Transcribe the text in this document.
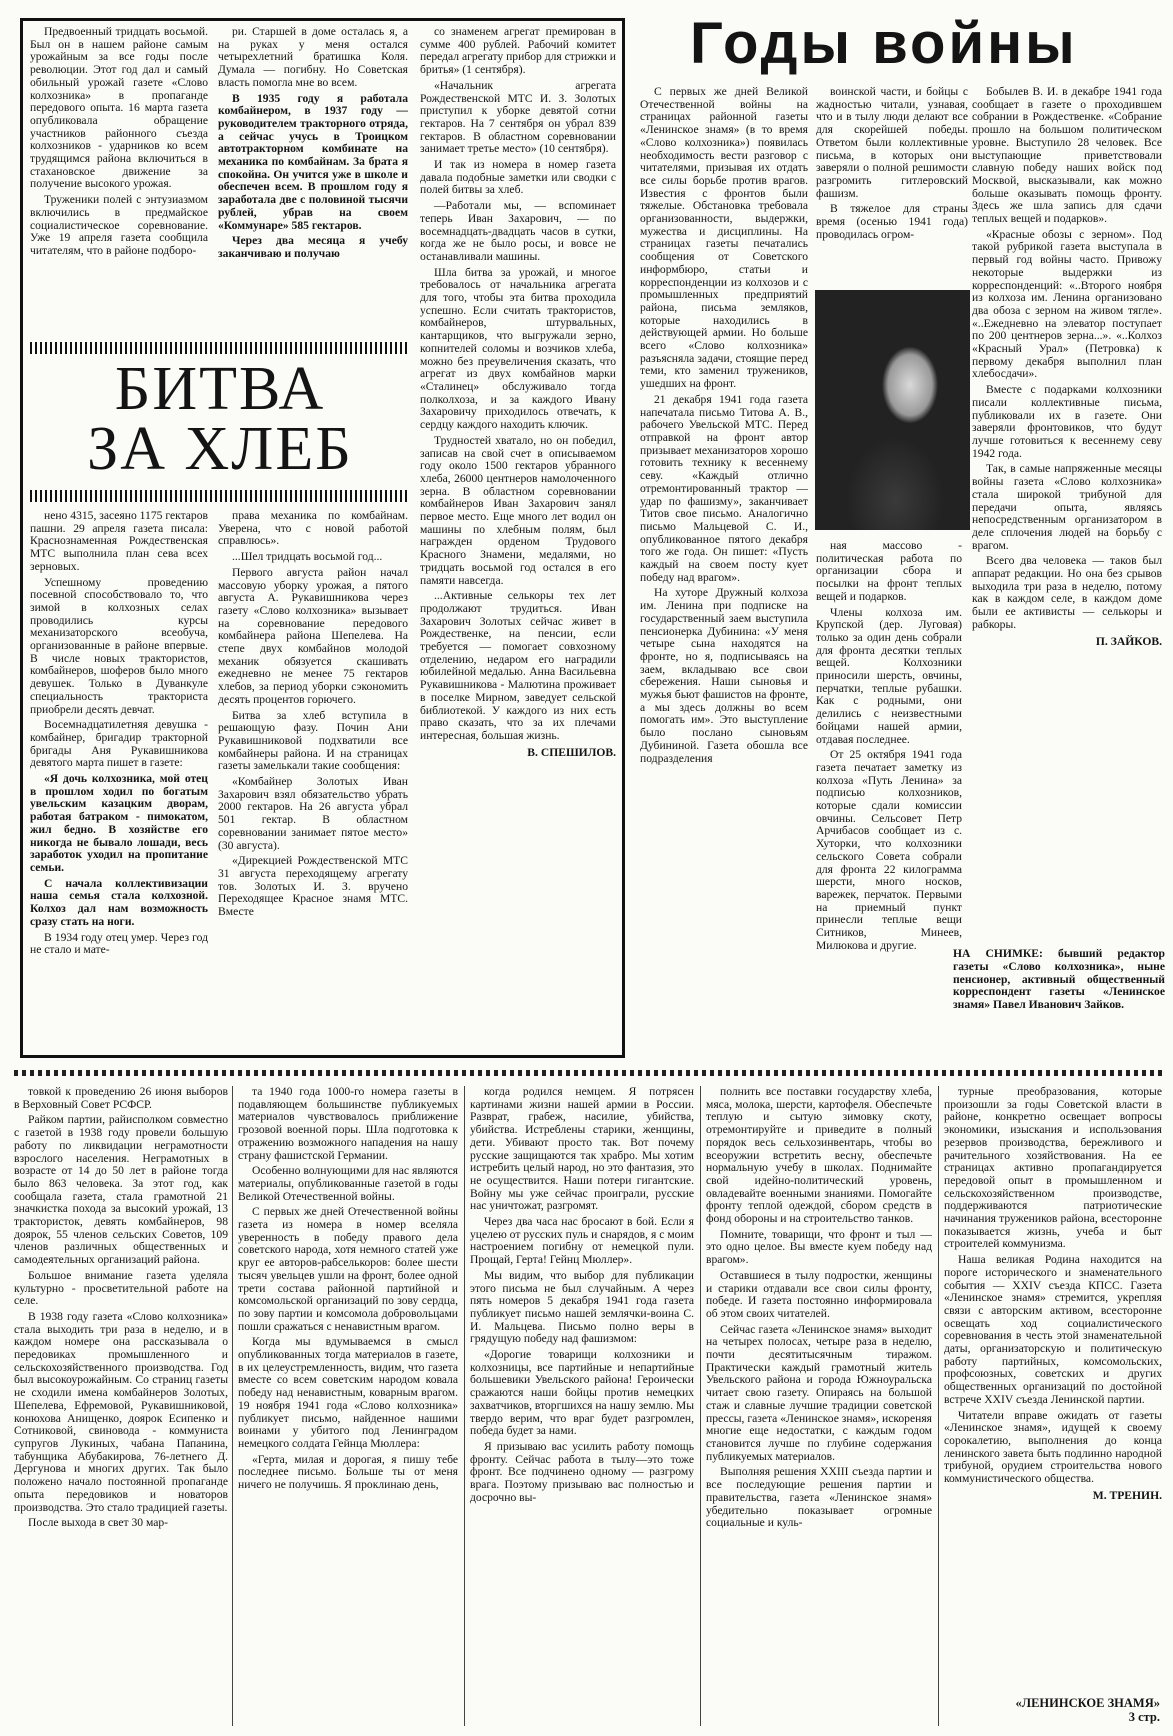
Предвоенный тридцать восьмой. Был он в нашем районе самым урожайным за все годы после революции. Этот год дал и самый обильный урожай газете «Слово колхозника» в пропаганде передового опыта. 16 марта газета опубликовала обращение участников районного съезда колхозников - ударников ко всем трудящимся района включиться в стахановское движение за получение высокого урожая.

Труженики полей с энтузиазмом включились в предмайское социалистическое соревнование. Уже 19 апреля газета сообщила читателям, что в районе подборо-

ри. Старшей в доме осталась я, а на руках у меня остался четырехлетний братишка Коля. Думала — погибну. Но Советская власть помогла мне во всем.

В 1935 году я работала комбайнером, в 1937 году — руководителем тракторного отряда, а сейчас учусь в Троицком автотракторном комбинате на механика по комбайнам. За брата я спокойна. Он учится уже в школе и обеспечен всем. В прошлом году я заработала две с половиной тысячи рублей, убрав на своем «Коммунаре» 585 гектаров.

Через два месяца я учебу заканчиваю и получаю

БИТВА
ЗА ХЛЕБ

нено 4315, засеяно 1175 гектаров пашни. 29 апреля газета писала: Краснознаменная Рождественская МТС выполнила план сева всех зерновых.

Успешному проведению посевной способствовало то, что зимой в колхозных селах проводились курсы механизаторского всеобуча, организованные в районе впервые. В числе новых трактористов, комбайнеров, шоферов было много девушек. Только в Дуванкуле специальность тракториста приобрели десять девчат.

Восемнадцатилетняя девушка - комбайнер, бригадир тракторной бригады Аня Рукавишникова девятого марта пишет в газете:

«Я дочь колхозника, мой отец в прошлом ходил по богатым увельским казацким дворам, работая батраком - пимокатом, жил бедно. В хозяйстве его никогда не бывало лошади, весь заработок уходил на пропитание семьи.

С начала коллективизации наша семья стала колхозной. Колхоз дал нам возможность сразу стать на ноги.

В 1934 году отец умер. Через год не стало и мате-

права механика по комбайнам. Уверена, что с новой работой справлюсь».

...Шел тридцать восьмой год...

Первого августа район начал массовую уборку урожая, а пятого августа А. Рукавишникова через газету «Слово колхозника» вызывает на соревнование передового комбайнера района Шепелева. На степе двух комбайнов молодой механик обязуется скашивать ежедневно не менее 75 гектаров хлебов, за период уборки сэкономить десять процентов горючего.

Битва за хлеб вступила в решающую фазу. Почин Ани Рукавишниковой подхватили все комбайнеры района. И на страницах газеты замелькали такие сообщения:

«Комбайнер Золотых Иван Захарович взял обязательство убрать 2000 гектаров. На 26 августа убрал 501 гектар. В областном соревновании занимает пятое место» (30 августа).

«Дирекцией Рождественской МТС 31 августа переходящему агрегату тов. Золотых И. З. вручено Переходящее Красное знамя МТС. Вместе

со знаменем агрегат премирован в сумме 400 рублей. Рабочий комитет передал агрегату прибор для стрижки и бритья» (1 сентября).

«Начальник агрегата Рождественской МТС И. З. Золотых приступил к уборке девятой сотни гектаров. На 7 сентября он убрал 839 гектаров. В областном соревновании занимает третье место» (10 сентября).

И так из номера в номер газета давала подобные заметки или сводки с полей битвы за хлеб.

—Работали мы, — вспоминает теперь Иван Захарович, — по восемнадцать-двадцать часов в сутки, когда же не было росы, и вовсе не останавливали машины.

Шла битва за урожай, и многое требовалось от начальника агрегата для того, чтобы эта битва проходила успешно. Если считать трактористов, комбайнеров, штурвальных, кантарщиков, что выгружали зерно, копнителей соломы и возчиков хлеба, можно без преувеличения сказать, что агрегат из двух комбайнов марки «Сталинец» обслуживало тогда полколхоза, и за каждого Ивану Захаровичу приходилось отвечать, к сердцу каждого находить ключик.

Трудностей хватало, но он победил, записав на свой счет в описываемом году около 1500 гектаров убранного хлеба, 26000 центнеров намолоченного зерна. В областном соревновании комбайнеров Иван Захарович занял первое место. Еще много лет водил он машины по хлебным полям, был награжден орденом Трудового Красного Знамени, медалями, но тридцать восьмой год остался в его памяти навсегда.

...Активные селькоры тех лет продолжают трудиться. Иван Захарович Золотых сейчас живет в Рождественке, на пенсии, если требуется — помогает совхозному отделению, недаром его наградили юбилейной медалью. Анна Васильевна Рукавишникова - Малютина проживает в поселке Мирном, заведует сельской библиотекой. У каждого из них есть право сказать, что за их плечами интересная, большая жизнь.

В. СПЕШИЛОВ.

Годы войны

С первых же дней Великой Отечественной войны на страницах районной газеты «Ленинское знамя» (в то время «Слово колхозника») появилась необходимость вести разговор с читателями, призывая их отдать все силы борьбе против врагов. Известия с фронтов были тяжелые. Обстановка требовала организованности, выдержки, мужества и дисциплины. На страницах газеты печатались сообщения от Советского информбюро, статьи и корреспонденции из колхозов и с промышленных предприятий района, письма земляков, которые находились в действующей армии. Но больше всего «Слово колхозника» разъясняла задачи, стоящие перед теми, кто заменил тружеников, ушедших на фронт.

21 декабря 1941 года газета напечатала письмо Титова А. В., рабочего Увельской МТС. Перед отправкой на фронт автор призывает механизаторов хорошо готовить технику к весеннему севу. «Каждый отлично отремонтированный трактор — удар по фашизму», заканчивает Титов свое письмо. Аналогично письмо Мальцевой С. И., опубликованное пятого декабря того же года. Он пишет: «Пусть каждый на своем посту кует победу над врагом».

На хуторе Дружный колхоза им. Ленина при подписке на государственный заем выступила пенсионерка Дубинина: «У меня четыре сына находятся на фронте, но я, подписываясь на заем, вкладываю все свои сбережения. Наши сыновья и мужья бьют фашистов на фронте, а мы здесь должны во всем помогать им». Это выступление было послано сыновьям Дубининой. Газета обошла все подразделения

воинской части, и бойцы с жадностью читали, узнавая, что и в тылу люди делают все для скорейшей победы. Ответом были коллективные письма, в которых они заверяли о полной решимости разгромить гитлеровский фашизм.

В тяжелое для страны время (осенью 1941 года) проводилась огром-

ная массово - политическая работа по организации сбора и посылки на фронт теплых вещей и подарков.

Члены колхоза им. Крупской (дер. Луговая) только за один день собрали для фронта десятки теплых вещей. Колхозники приносили шерсть, овчины, перчатки, теплые рубашки. Как с родными, они делились с неизвестными бойцами нашей армии, отдавая последнее.

От 25 октября 1941 года газета печатает заметку из колхоза «Путь Ленина» за подписью колхозников, которые сдали комиссии овчины. Сельсовет Петр Арчибасов сообщает из с. Хуторки, что колхозники сельского Совета собрали для фронта 22 килограмма шерсти, много носков, варежек, перчаток. Первыми на приемный пункт принесли теплые вещи Ситников, Минеев, Милюкова и другие.

Бобылев В. И. в декабре 1941 года сообщает в газете о проходившем собрании в Рождественке. «Собрание прошло на большом политическом уровне. Выступило 28 человек. Все выступающие приветствовали славную победу наших войск под Москвой, высказывали, как можно больше оказывать помощь фронту. Здесь же шла запись для сдачи теплых вещей и подарков».

«Красные обозы с зерном». Под такой рубрикой газета выступала в первый год войны часто. Привожу некоторые выдержки из корреспонденций: «..Второго ноября из колхоза им. Ленина организовано два обоза с зерном на живом тягле». «..Ежедневно на элеватор поступает по 200 центнеров зерна...». «..Колхоз «Красный Урал» (Петровка) к первому декабря выполнил план хлебосдачи».

Вместе с подарками колхозники писали коллективные письма, публиковали их в газете. Они заверяли фронтовиков, что будут лучше готовиться к весеннему севу 1942 года.

Так, в самые напряженные месяцы войны газета «Слово колхозника» стала широкой трибуной для передачи опыта, являясь непосредственным организатором в деле сплочения людей на борьбу с врагом.

Всего два человека — таков был аппарат редакции. Но она без срывов выходила три раза в неделю, потому как в каждом селе, в каждом доме были ее активисты — селькоры и рабкоры.

П. ЗАЙКОВ.

НА СНИМКЕ: бывший редактор газеты «Слово колхозника», ныне пенсионер, активный общественный корреспондент газеты «Ленинское знамя» Павел Иванович Зайков.

товкой к проведению 26 июня выборов в Верховный Совет РСФСР.

Райком партии, райисполком совместно с газетой в 1938 году провели большую работу по ликвидации неграмотности взрослого населения. Неграмотных в возрасте от 14 до 50 лет в районе тогда было 863 человека. За этот год, как сообщала газета, стала грамотной 21 значкистка похода за высокий урожай, 13 трактористок, девять комбайнеров, 98 доярок, 55 членов сельских Советов, 109 членов различных общественных и самодеятельных организаций района.

Большое внимание газета уделяла культурно - просветительной работе на селе.

В 1938 году газета «Слово колхозника» стала выходить три раза в неделю, и в каждом номере она рассказывала о передовиках промышленного и сельскохозяйственного производства. Год был высокоурожайным. Со страниц газеты не сходили имена комбайнеров Золотых, Шепелева, Ефремовой, Рукавишниковой, конюхова Анищенко, доярок Есипенко и Сотниковой, свиновода - коммуниста супругов Лукиных, чабана Папанина, табунщика Абубакирова, 76-летнего Д. Дергунова и многих других. Так было положено начало постоянной пропаганде опыта передовиков и новаторов производства. Это стало традицией газеты.

После выхода в свет 30 мар-

та 1940 года 1000-го номера газеты в подавляющем большинстве публикуемых материалов чувствовалось приближение грозовой военной поры. Шла подготовка к отражению возможного нападения на нашу страну фашистской Германии.

Особенно волнующими для нас являются материалы, опубликованные газетой в годы Великой Отечественной войны.

С первых же дней Отечественной войны газета из номера в номер вселяла уверенность в победу правого дела советского народа, хотя немного статей уже круг ее авторов-рабселькоров: более шести тысяч увельцев ушли на фронт, более одной трети состава районной партийной и комсомольской организаций по зову сердца, по зову партии и комсомола добровольцами пошли сражаться с ненавистным врагом.

Когда мы вдумываемся в смысл опубликованных тогда материалов в газете, в их целеустремленность, видим, что газета вместе со всем советским народом ковала победу над ненавистным, коварным врагом. 19 ноября 1941 года «Слово колхозника» публикует письмо, найденное нашими воинами у убитого под Ленинградом немецкого солдата Гейнца Мюллера:

«Герта, милая и дорогая, я пишу тебе последнее письмо. Больше ты от меня ничего не получишь. Я проклинаю день,

когда родился немцем. Я потрясен картинами жизни нашей армии в России. Разврат, грабеж, насилие, убийства, убийства. Истреблены старики, женщины, дети. Убивают просто так. Вот почему русские защищаются так храбро. Мы хотим истребить целый народ, но это фантазия, это не осуществится. Наши потери гигантские. Войну мы уже сейчас проиграли, русские нас уничтожат, разгромят.

Через два часа нас бросают в бой. Если я уцелею от русских пуль и снарядов, я с моим настроением погибну от немецкой пули. Прощай, Герта! Гейнц Мюллер».

Мы видим, что выбор для публикации этого письма не был случайным. А через пять номеров 5 декабря 1941 года газета публикует письмо нашей землячки-воина С. И. Мальцева. Письмо полно веры в грядущую победу над фашизмом:

«Дорогие товарищи колхозники и колхозницы, все партийные и непартийные большевики Увельского района! Героически сражаются наши бойцы против немецких захватчиков, вторгшихся на нашу землю. Мы твердо верим, что враг будет разгромлен, победа будет за нами.

Я призываю вас усилить работу помощь фронту. Сейчас работа в тылу—это тоже фронт. Все подчинено одному — разгрому врага. Поэтому призываю вас полностью и досрочно вы-

полнить все поставки государству хлеба, мяса, молока, шерсти, картофеля. Обеспечьте теплую и сытую зимовку скоту, отремонтируйте и приведите в полный порядок весь сельхозинвентарь, чтобы во всеоружии встретить весну, обеспечьте нормальную учебу в школах. Поднимайте свой идейно-политический уровень, овладевайте военными знаниями. Помогайте фронту теплой одеждой, сбором средств в фонд обороны и на строительство танков.

Помните, товарищи, что фронт и тыл — это одно целое. Вы вместе куем победу над врагом».

Оставшиеся в тылу подростки, женщины и старики отдавали все свои силы фронту, победе. И газета постоянно информировала об этом своих читателей.

Сейчас газета «Ленинское знамя» выходит на четырех полосах, четыре раза в неделю, почти десятитысячным тиражом. Практически каждый грамотный житель Увельского района и города Южноуральска читает свою газету. Опираясь на большой стаж и славные лучшие традиции советской прессы, газета «Ленинское знамя», искореняя многие еще недостатки, с каждым годом становится лучше по глубине содержания публикуемых материалов.

Выполняя решения XXIII съезда партии и все последующие решения партии и правительства, газета «Ленинское знамя» убедительно показывает огромные социальные и куль-

турные преобразования, которые произошли за годы Советской власти в районе, конкретно освещает вопросы экономики, изыскания и использования резервов производства, бережливого и рачительного хозяйствования. На ее страницах активно пропагандируется передовой опыт в промышленном и сельскохозяйственном производстве, поддерживаются патриотические начинания тружеников района, всесторонне показывается жизнь, учеба и быт строителей коммунизма.

Наша великая Родина находится на пороге исторического и знаменательного события — XXIV съезда КПСС. Газета «Ленинское знамя» стремится, укрепляя связи с авторским активом, всесторонне освещать ход социалистического соревнования в честь этой знаменательной даты, организаторскую и политическую работу партийных, комсомольских, профсоюзных, советских и других общественных организаций по достойной встрече XXIV съезда Ленинской партии.

Читатели вправе ожидать от газеты «Ленинское знамя», идущей к своему сорокалетию, выполнения до конца ленинского завета быть подлинно народной трибуной, орудием строительства нового коммунистического общества.

М. ТРЕНИН.

«ЛЕНИНСКОЕ ЗНАМЯ»
3 стр.
